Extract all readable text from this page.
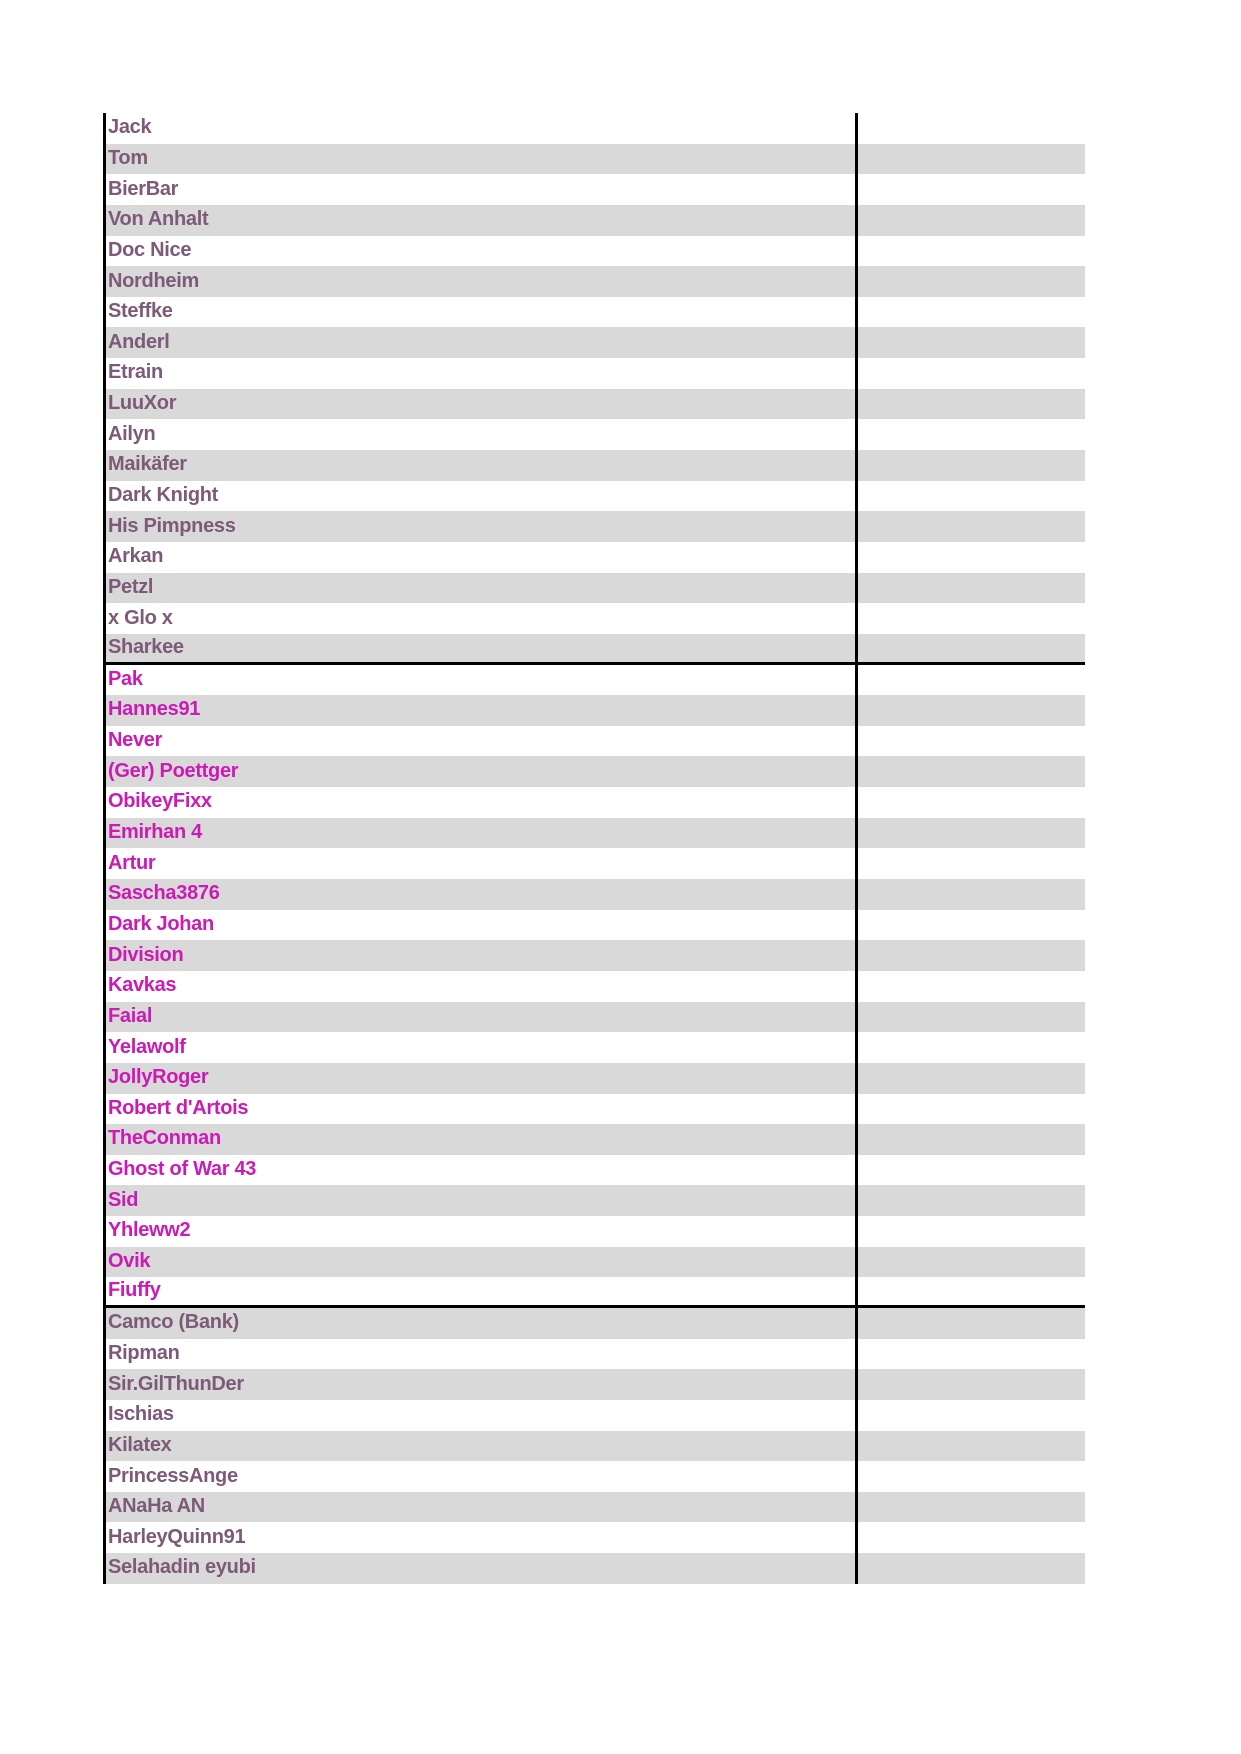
Jack
Tom
BierBar
Von Anhalt
Doc Nice
Nordheim
Steffke
Anderl
Etrain
LuuXor
Ailyn
Maikäfer
Dark Knight
His Pimpness
Arkan
Petzl
x Glo x
Sharkee
Pak
Hannes91
Never
(Ger) Poettger
ObikeyFixx
Emirhan 4
Artur
Sascha3876
Dark Johan
Division
Kavkas
Faial
Yelawolf
JollyRoger
Robert d'Artois
TheConman
Ghost of War 43
Sid
Yhleww2
Ovik
Fiuffy
Camco (Bank)
Ripman
Sir.GilThunDer
Ischias
Kilatex
PrincessAnge
ANaHa AN
HarleyQuinn91
Selahadin eyubi
